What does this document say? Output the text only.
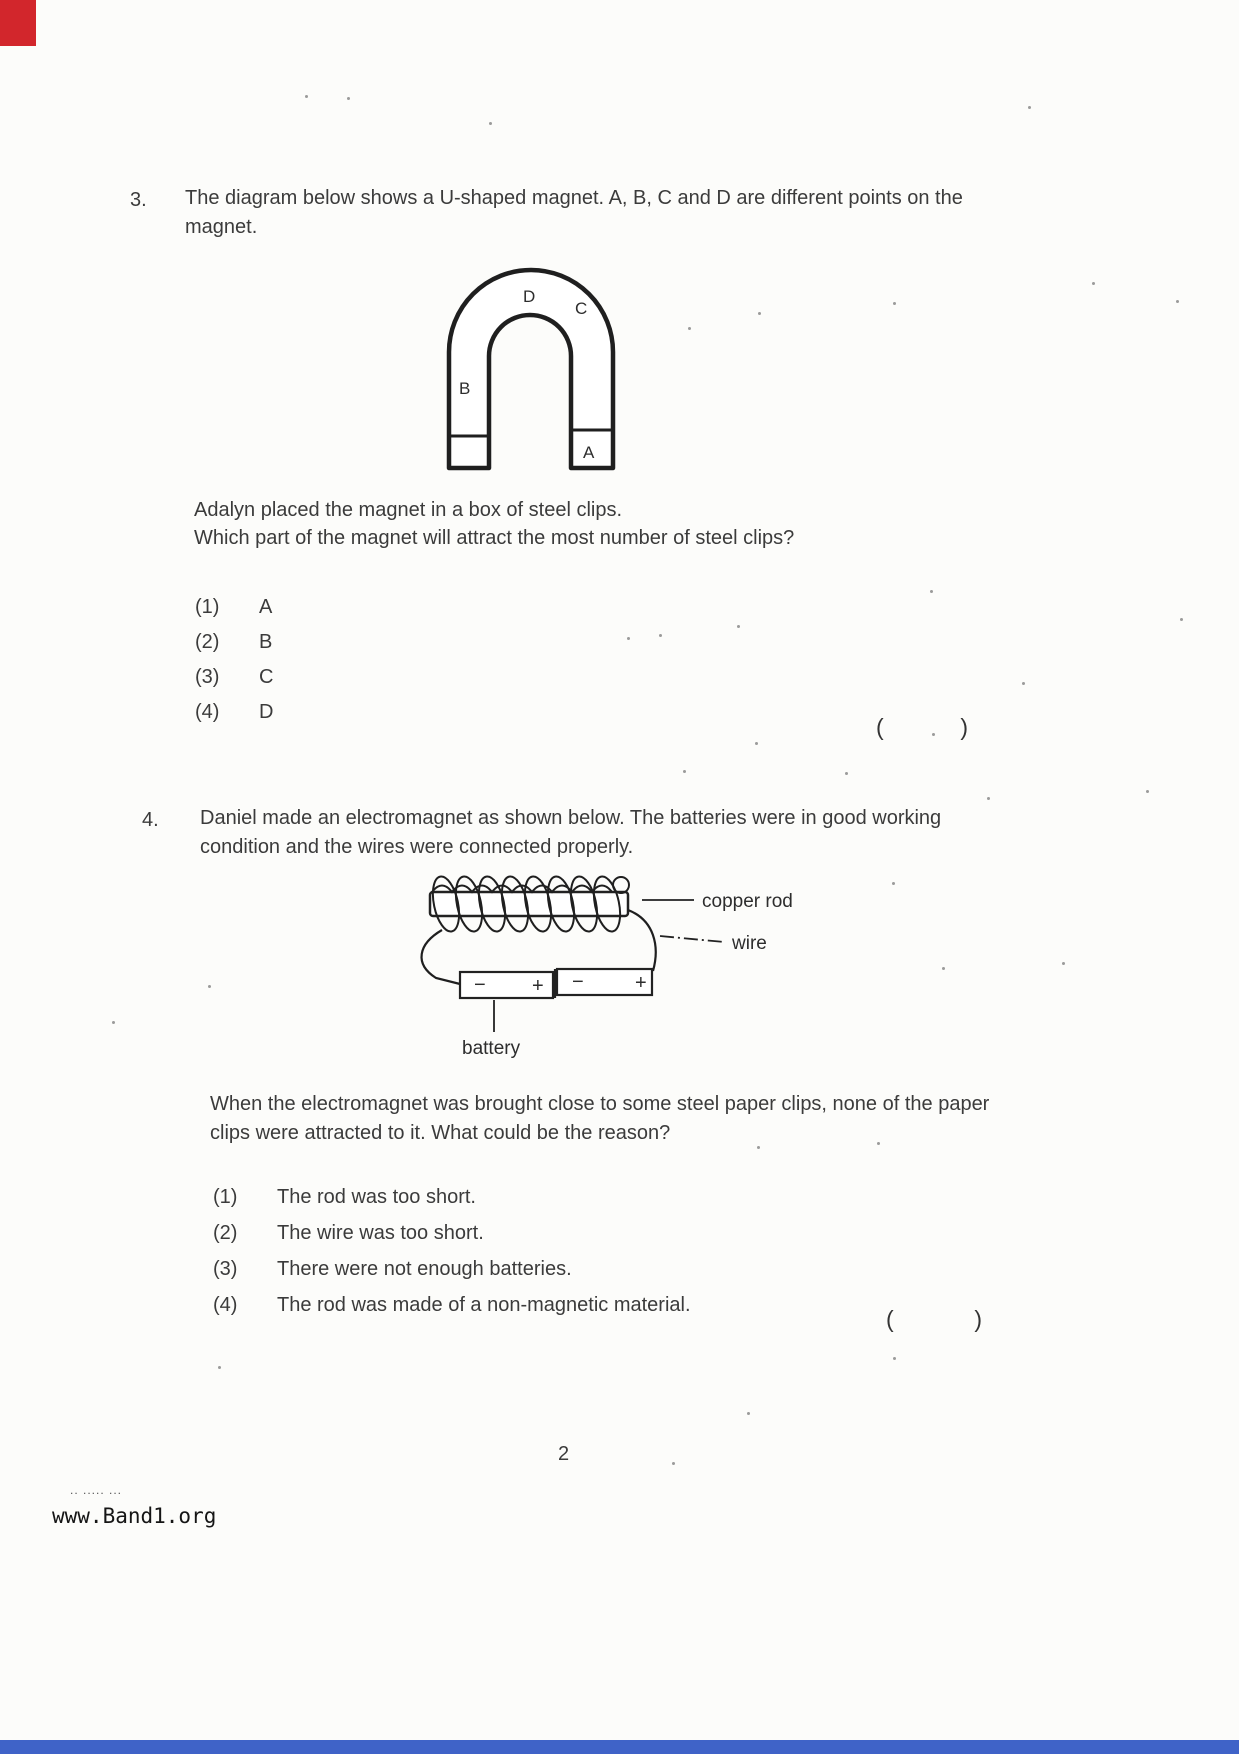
3. The diagram below shows a U-shaped magnet. A, B, C and D are different points on the magnet.
D
C
B
A
Adalyn placed the magnet in a box of steel clips.
Which part of the magnet will attract the most number of steel clips?
(1)	A
(2)	B
(3)	C
(4)	D
(	)
4. Daniel made an electromagnet as shown below. The batteries were in good working condition and the wires were connected properly.
− + −	+
copper rod
wire
battery
When the electromagnet was brought close to some steel paper clips, none of the paper clips were attracted to it. What could be the reason?
(1)	The rod was too short.
(2)	The wire was too short.
(3)	There were not enough batteries.
(4)	The rod was made of a non-magnetic material.
(	)
2
.. ..... ...
www.Band1.org
